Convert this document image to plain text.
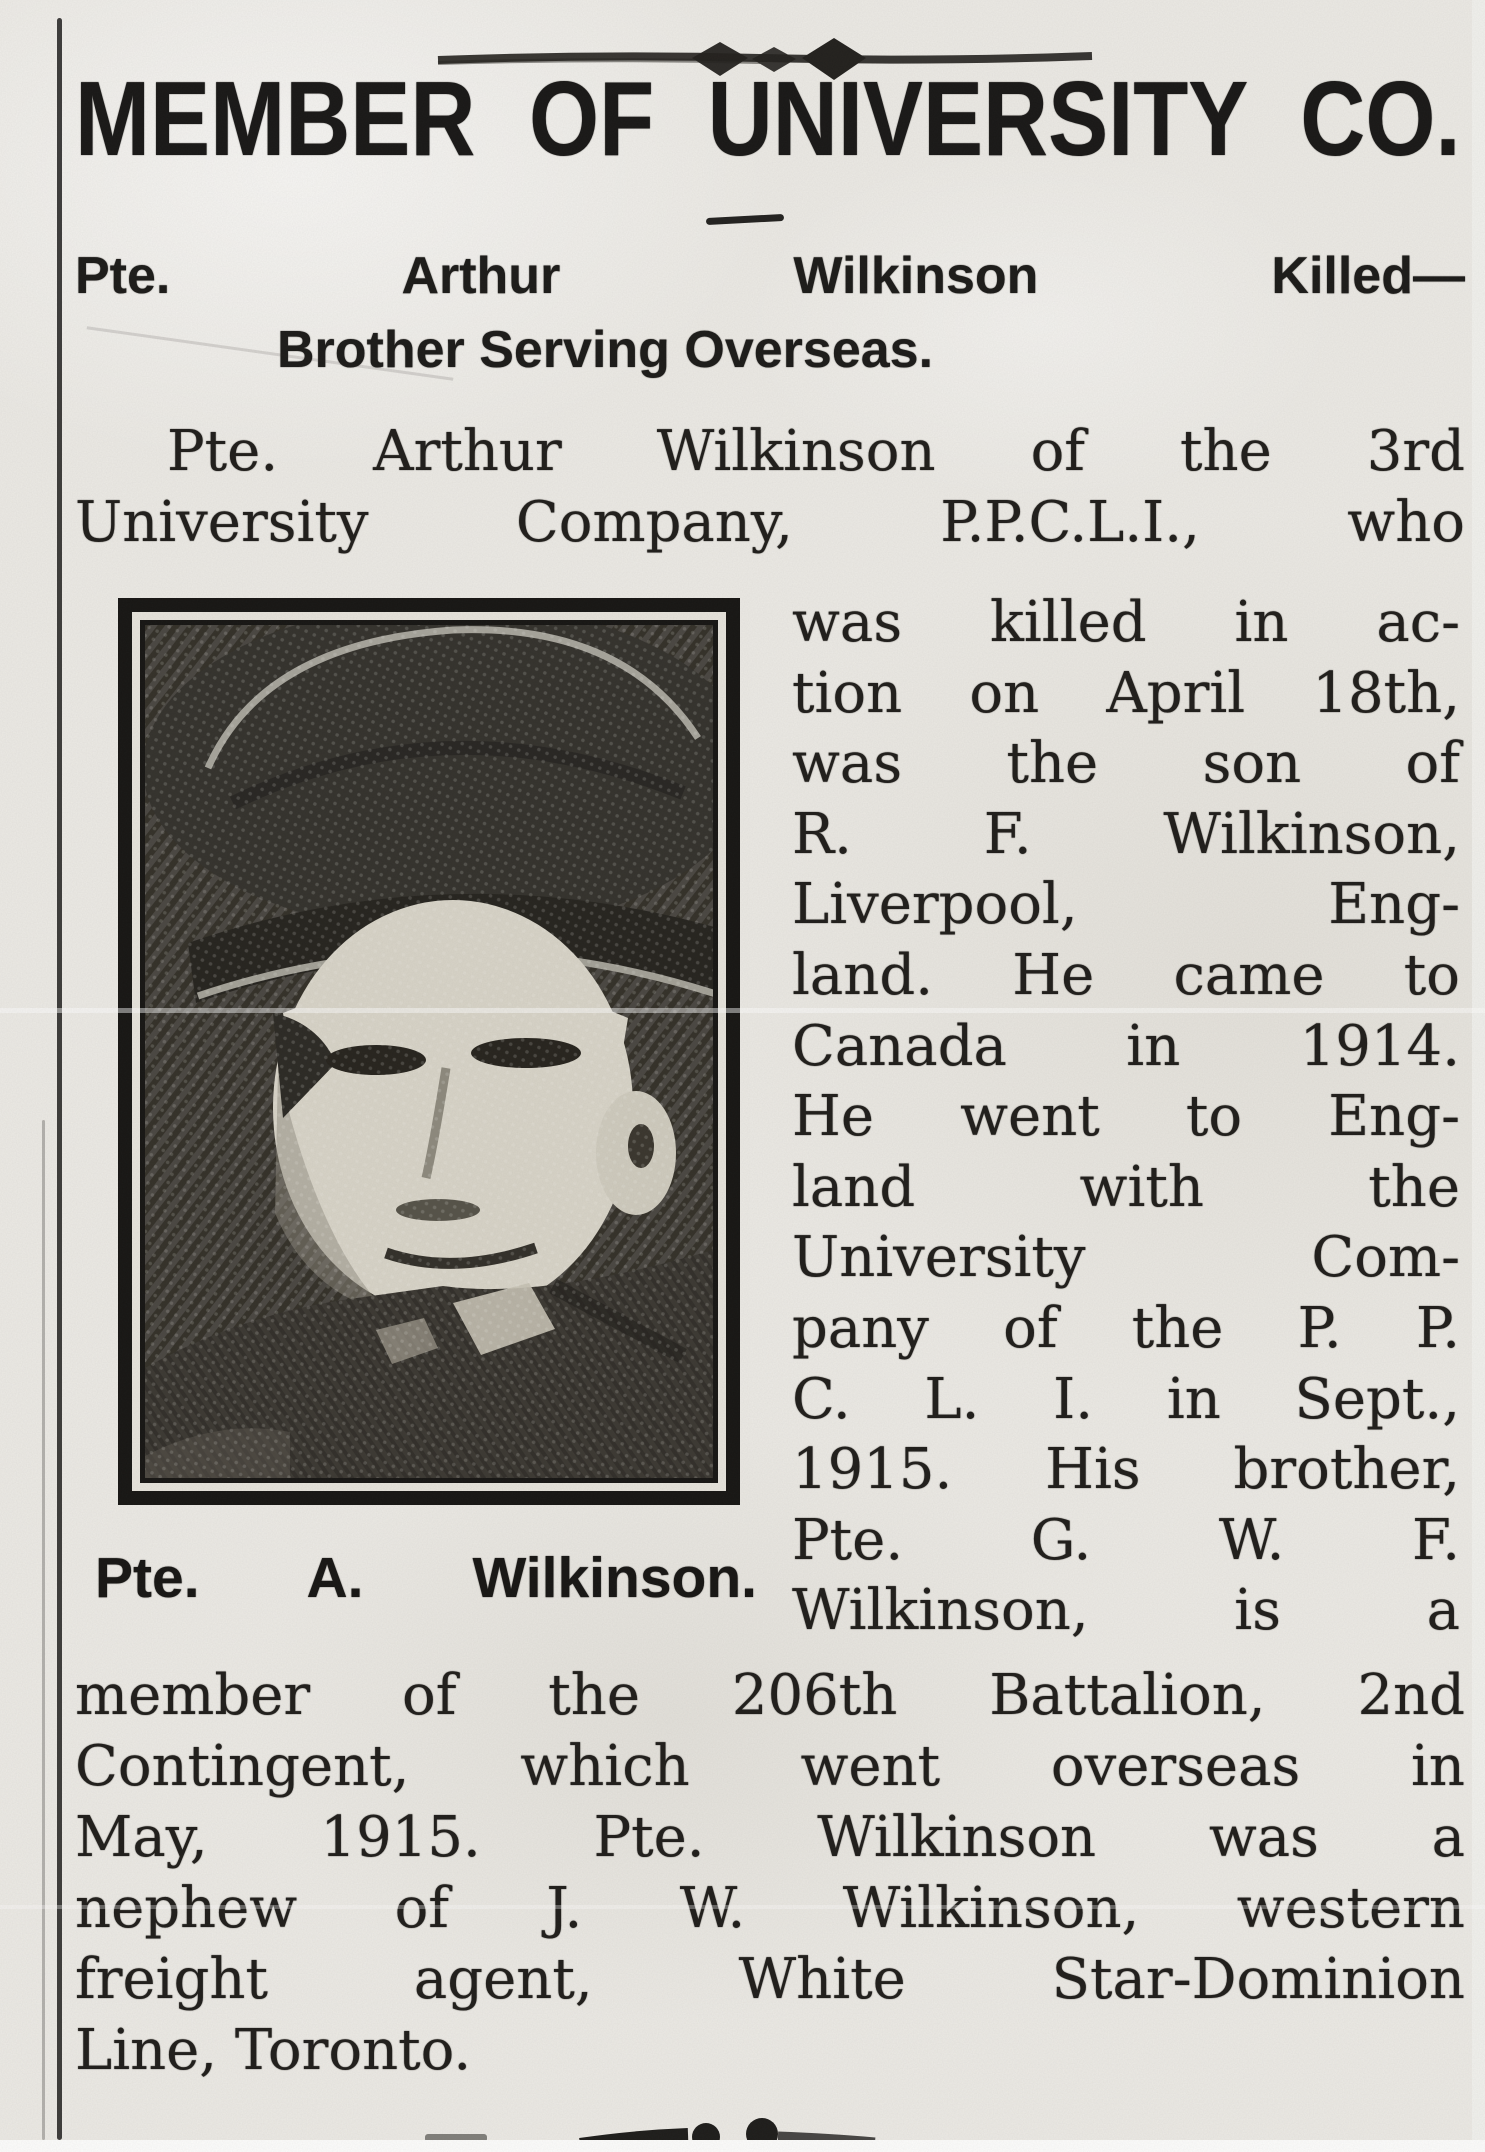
MEMBER OF UNIVERSITY CO.
Pte. Arthur Wilkinson Killed—
Brother Serving Overseas.
Pte. Arthur Wilkinson of the 3rd
University Company, P.P.C.L.I., who
was killed in ac-
tion on April 18th,
was the son of
R. F. Wilkinson,
Liverpool, Eng-
land. He came to
Canada in 1914.
He went to Eng-
land with the
University Com-
pany of the P. P.
C. L. I. in Sept.,
1915. His brother,
Pte. G. W. F.
Wilkinson, is a
Pte. A. Wilkinson.
member of the 206th Battalion, 2nd
Contingent, which went overseas in
May, 1915. Pte. Wilkinson was a
nephew of J. W. Wilkinson, western
freight agent, White Star-Dominion
Line, Toronto.
